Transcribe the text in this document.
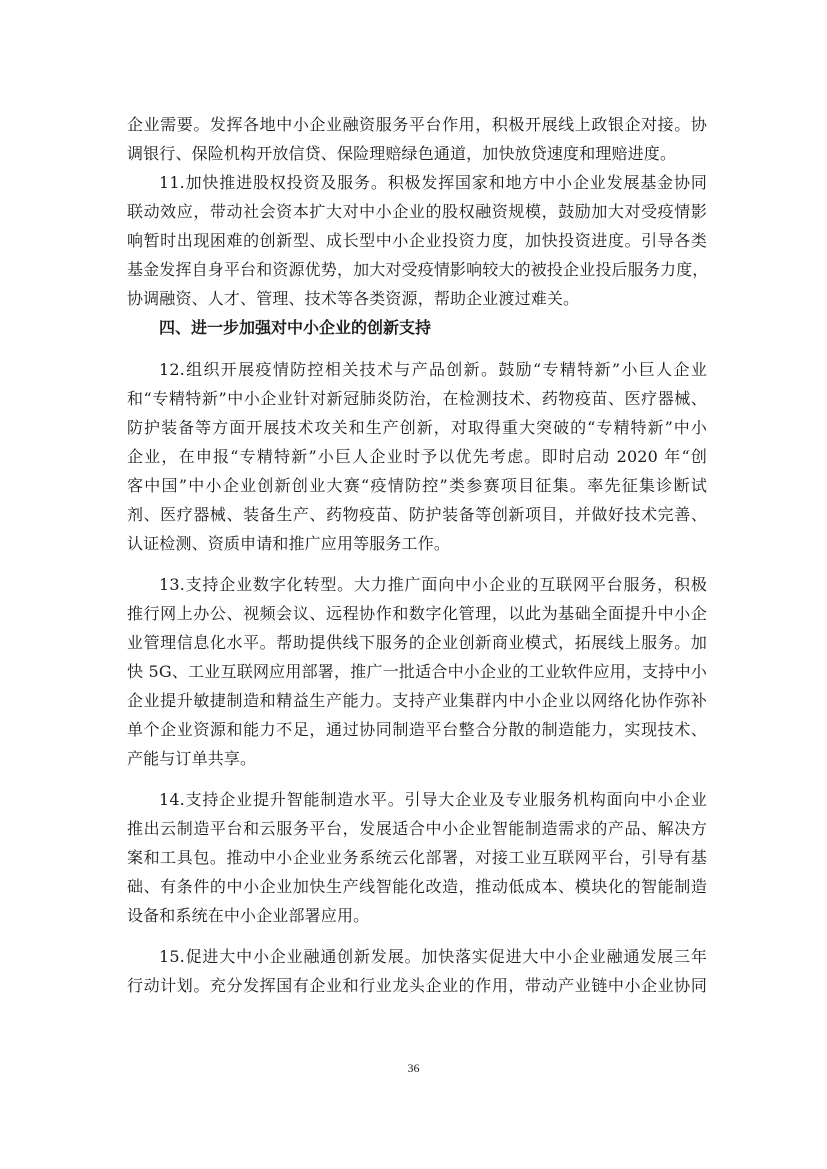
企业需要。发挥各地中小企业融资服务平台作用，积极开展线上政银企对接。协
调银行、保险机构开放信贷、保险理赔绿色通道，加快放贷速度和理赔进度。
11.加快推进股权投资及服务。积极发挥国家和地方中小企业发展基金协同
联动效应，带动社会资本扩大对中小企业的股权融资规模，鼓励加大对受疫情影
响暂时出现困难的创新型、成长型中小企业投资力度，加快投资进度。引导各类
基金发挥自身平台和资源优势，加大对受疫情影响较大的被投企业投后服务力度，
协调融资、人才、管理、技术等各类资源，帮助企业渡过难关。
四、进一步加强对中小企业的创新支持
12.组织开展疫情防控相关技术与产品创新。鼓励“专精特新”小巨人企业
和“专精特新”中小企业针对新冠肺炎防治，在检测技术、药物疫苗、医疗器械、
防护装备等方面开展技术攻关和生产创新，对取得重大突破的“专精特新”中小
企业，在申报“专精特新”小巨人企业时予以优先考虑。即时启动 2020 年“创
客中国”中小企业创新创业大赛“疫情防控”类参赛项目征集。率先征集诊断试
剂、医疗器械、装备生产、药物疫苗、防护装备等创新项目，并做好技术完善、
认证检测、资质申请和推广应用等服务工作。
13.支持企业数字化转型。大力推广面向中小企业的互联网平台服务，积极
推行网上办公、视频会议、远程协作和数字化管理，以此为基础全面提升中小企
业管理信息化水平。帮助提供线下服务的企业创新商业模式，拓展线上服务。加
快 5G、工业互联网应用部署，推广一批适合中小企业的工业软件应用，支持中小
企业提升敏捷制造和精益生产能力。支持产业集群内中小企业以网络化协作弥补
单个企业资源和能力不足，通过协同制造平台整合分散的制造能力，实现技术、
产能与订单共享。
14.支持企业提升智能制造水平。引导大企业及专业服务机构面向中小企业
推出云制造平台和云服务平台，发展适合中小企业智能制造需求的产品、解决方
案和工具包。推动中小企业业务系统云化部署，对接工业互联网平台，引导有基
础、有条件的中小企业加快生产线智能化改造，推动低成本、模块化的智能制造
设备和系统在中小企业部署应用。
15.促进大中小企业融通创新发展。加快落实促进大中小企业融通发展三年
行动计划。充分发挥国有企业和行业龙头企业的作用，带动产业链中小企业协同
36
